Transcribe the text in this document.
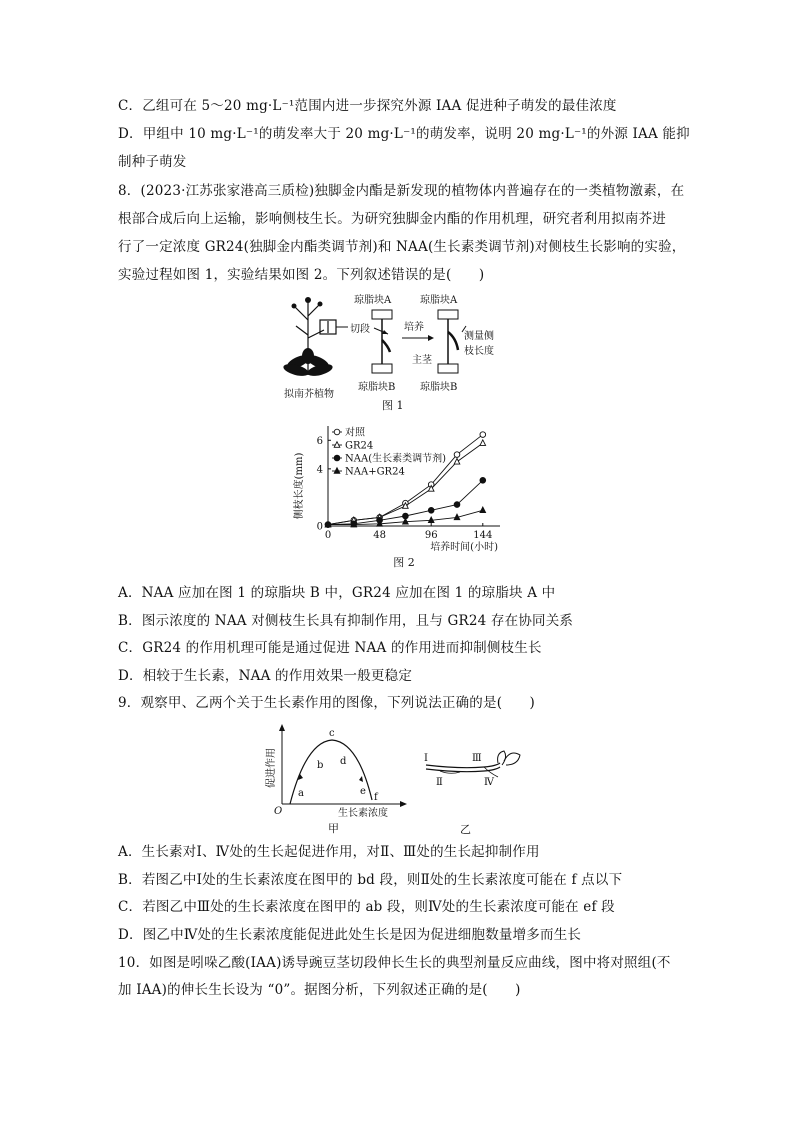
C．乙组可在 5～20 mg·L⁻¹范围内进一步探究外源 IAA 促进种子萌发的最佳浓度
D．甲组中 10 mg·L⁻¹的萌发率大于 20 mg·L⁻¹的萌发率，说明 20 mg·L⁻¹的外源 IAA 能抑
制种子萌发
8．(2023·江苏张家港高三质检)独脚金内酯是新发现的植物体内普遍存在的一类植物激素，在
根部合成后向上运输，影响侧枝生长。为研究独脚金内酯的作用机理，研究者利用拟南芥进
行了一定浓度 GR24(独脚金内酯类调节剂)和 NAA(生长素类调节剂)对侧枝生长影响的实验，
实验过程如图 1，实验结果如图 2。下列叙述错误的是(　　)
拟南芥植物
切段
琼脂块A
琼脂块B
培养
琼脂块A
测量侧
枝长度
主茎
琼脂块B
图 1
0	48	96	144
0
4
6
侧枝长度(mm)
培养时间(小时)
图 2
对照
GR24
NAA(生长素类调节剂)
NAA+GR24
A．NAA 应加在图 1 的琼脂块 B 中，GR24 应加在图 1 的琼脂块 A 中
B．图示浓度的 NAA 对侧枝生长具有抑制作用，且与 GR24 存在协同关系
C．GR24 的作用机理可能是通过促进 NAA 的作用进而抑制侧枝生长
D．相较于生长素，NAA 的作用效果一般更稳定
9．观察甲、乙两个关于生长素作用的图像，下列说法正确的是(　　)
促进作用
O	生长素浓度
a
b
c
d
e
f
甲
Ⅰ
Ⅱ
Ⅲ
Ⅳ
乙
A．生长素对Ⅰ、Ⅳ处的生长起促进作用，对Ⅱ、Ⅲ处的生长起抑制作用
B．若图乙中Ⅰ处的生长素浓度在图甲的 bd 段，则Ⅱ处的生长素浓度可能在 f 点以下
C．若图乙中Ⅲ处的生长素浓度在图甲的 ab 段，则Ⅳ处的生长素浓度可能在 ef 段
D．图乙中Ⅳ处的生长素浓度能促进此处生长是因为促进细胞数量增多而生长
10．如图是吲哚乙酸(IAA)诱导豌豆茎切段伸长生长的典型剂量反应曲线，图中将对照组(不
加 IAA)的伸长生长设为 “0”。据图分析，下列叙述正确的是(　　)
